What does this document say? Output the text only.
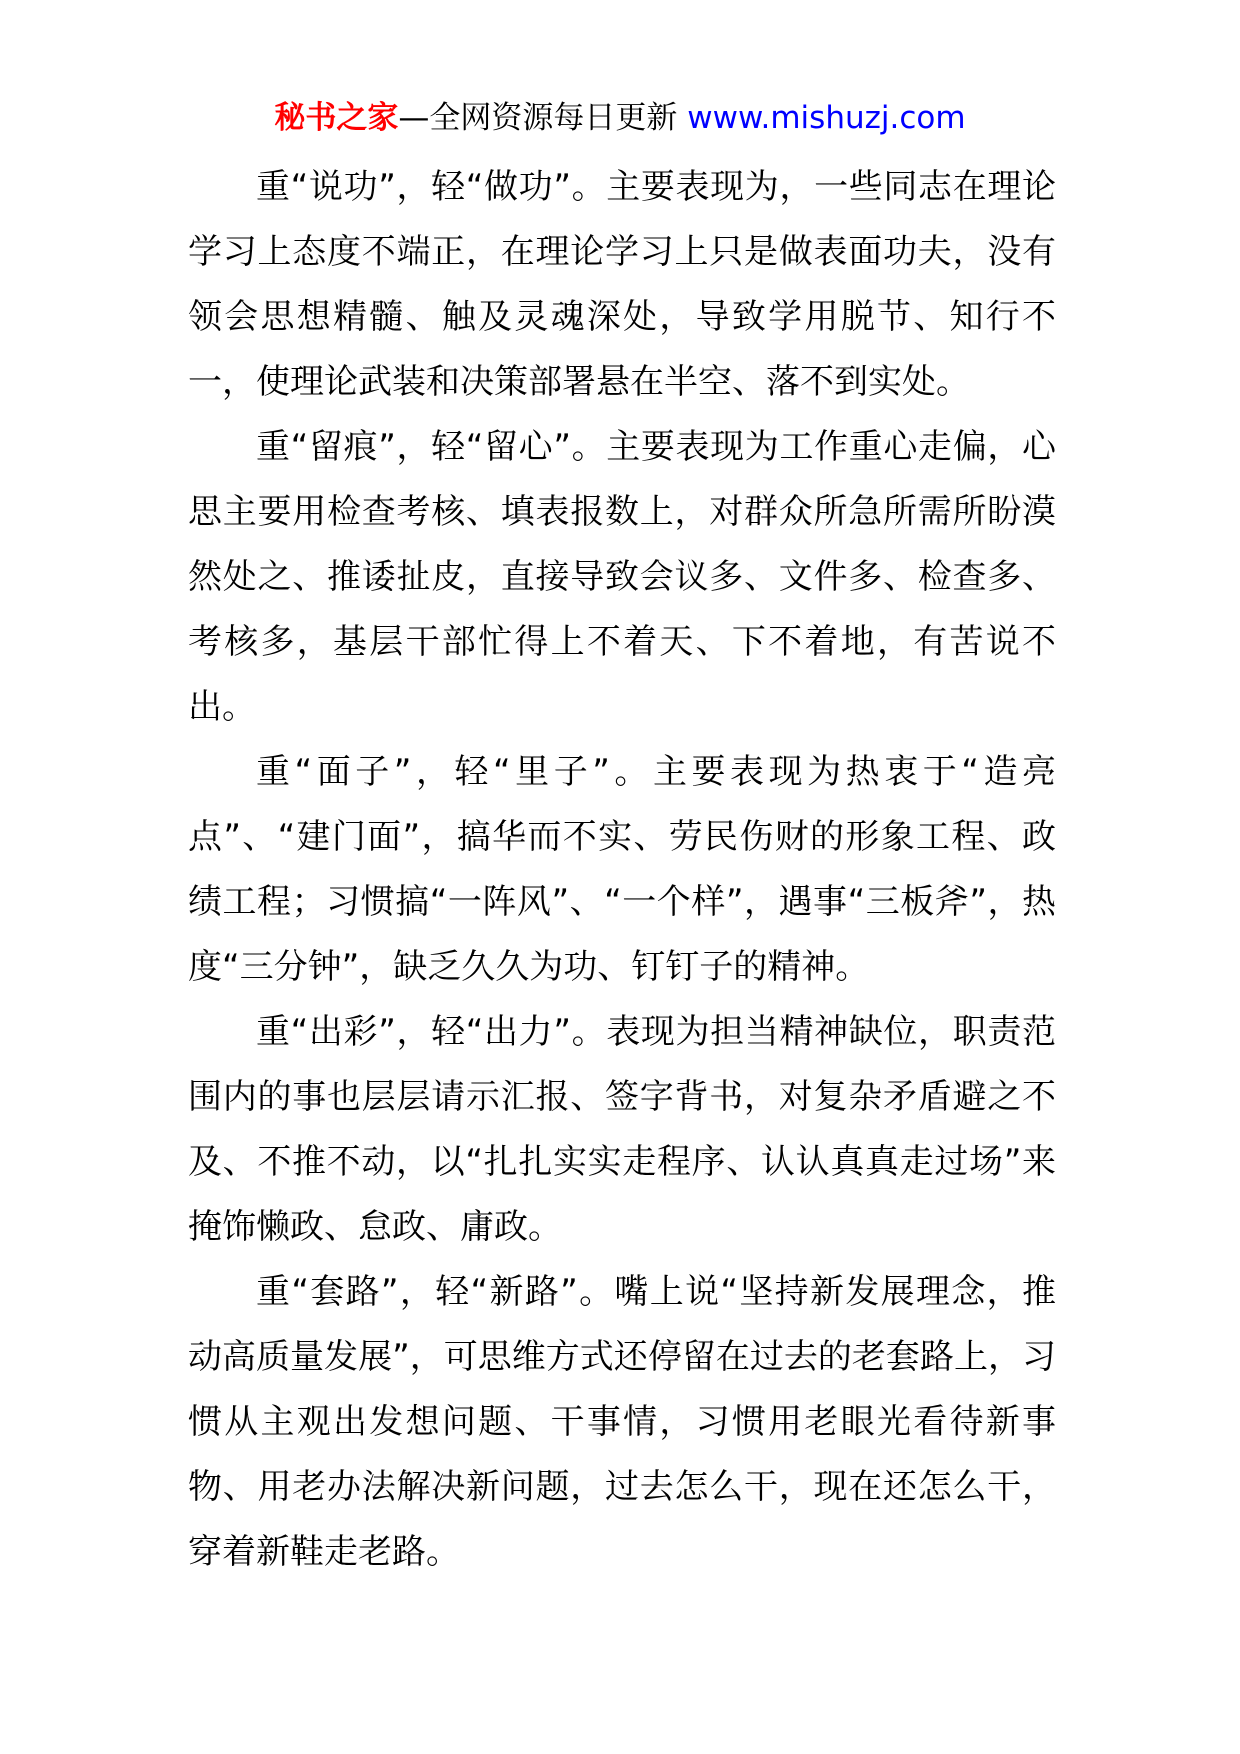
秘书之家—全网资源每日更新 www.mishuzj.com

重“说功”，轻“做功”。主要表现为，一些同志在理论学习上态度不端正，在理论学习上只是做表面功夫，没有领会思想精髓、触及灵魂深处，导致学用脱节、知行不一，使理论武装和决策部署悬在半空、落不到实处。

重“留痕”，轻“留心”。主要表现为工作重心走偏，心思主要用检查考核、填表报数上，对群众所急所需所盼漠然处之、推诿扯皮，直接导致会议多、文件多、检查多、考核多，基层干部忙得上不着天、下不着地，有苦说不出。

重“面子”，轻“里子”。主要表现为热衷于“造亮点”、“建门面”，搞华而不实、劳民伤财的形象工程、政绩工程；习惯搞“一阵风”、“一个样”，遇事“三板斧”，热度“三分钟”，缺乏久久为功、钉钉子的精神。

重“出彩”，轻“出力”。表现为担当精神缺位，职责范围内的事也层层请示汇报、签字背书，对复杂矛盾避之不及、不推不动，以“扎扎实实走程序、认认真真走过场”来掩饰懒政、怠政、庸政。

重“套路”，轻“新路”。嘴上说“坚持新发展理念，推动高质量发展”，可思维方式还停留在过去的老套路上，习惯从主观出发想问题、干事情，习惯用老眼光看待新事物、用老办法解决新问题，过去怎么干，现在还怎么干，穿着新鞋走老路。
